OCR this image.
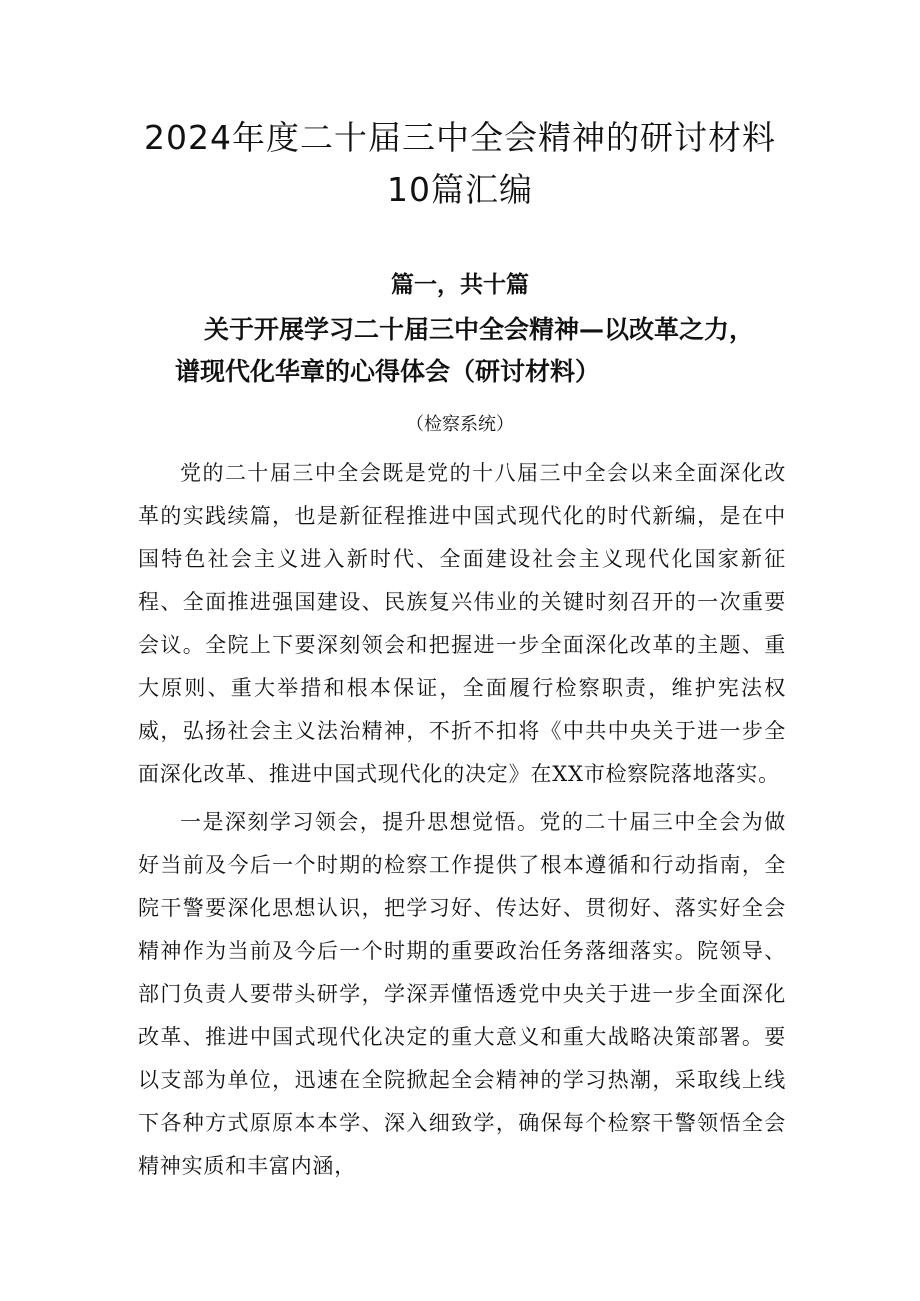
2024年度二十届三中全会精神的研讨材料
10篇汇编
篇一，共十篇
关于开展学习二十届三中全会精神—以改革之力，
谱现代化华章的心得体会（研讨材料）
（检察系统）

党的二十届三中全会既是党的十八届三中全会以来全面深化改革的实践续篇，也是新征程推进中国式现代化的时代新编，是在中国特色社会主义进入新时代、全面建设社会主义现代化国家新征程、全面推进强国建设、民族复兴伟业的关键时刻召开的一次重要会议。全院上下要深刻领会和把握进一步全面深化改革的主题、重大原则、重大举措和根本保证，全面履行检察职责，维护宪法权威，弘扬社会主义法治精神，不折不扣将《中共中央关于进一步全面深化改革、推进中国式现代化的决定》在XX市检察院落地落实。

一是深刻学习领会，提升思想觉悟。党的二十届三中全会为做好当前及今后一个时期的检察工作提供了根本遵循和行动指南，全院干警要深化思想认识，把学习好、传达好、贯彻好、落实好全会精神作为当前及今后一个时期的重要政治任务落细落实。院领导、部门负责人要带头研学，学深弄懂悟透党中央关于进一步全面深化改革、推进中国式现代化决定的重大意义和重大战略决策部署。要以支部为单位，迅速在全院掀起全会精神的学习热潮，采取线上线下各种方式原原本本学、深入细致学，确保每个检察干警领悟全会精神实质和丰富内涵，
